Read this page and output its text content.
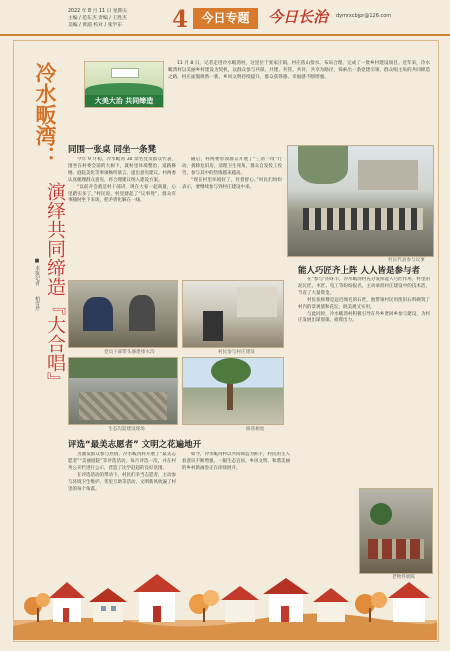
2022 年 8 月 11 日 星期五
主编 / 范东杰 责编 / 王胜杰
美编 / 黄浦 校对 / 张学东	4	今日专题	今日长治 dymrxcbjpr@126.com
大美大治 共同缔造
11 月 8 日，记者走进冷水畈湾村，这里位于张家庄镇，村庄依山傍水、布局合理，完成了一批乡村建设项目。近年来，冷水畈湾村以美丽乡村建设为契机，以群众参与共谋、共建、共管、共评、共享为路径，探索出一条党建引领、群众唱主角的共同缔造之路，村庄面貌焕然一新，乡风文明持续提升，群众获得感、幸福感不断增强。
冷水畈湾：
演绎共同缔造『大合唱』
■ 本报记者
柏雪芹
同围一张桌 同坐一条凳
今年 9 月初，冷水畈湾 30 余名党员群众代表，围坐在村委会前的大树下，就村里环境整治、道路修缮、庭院美化等事项畅所欲言，提出意见建议。村两委认真梳理群众意见，将合理建议纳入建设方案。
“以前开会就是村干部讲，现在大家一起商量，心里踏实多了。”村民说。村里建起了“议事凳”，群众有事随时坐下来谈，把矛盾化解在一线。
随后，村两委带领群众开展了“三清一改”行动，拆除危旧房，清理卫生死角，群众自发投工投劳，参与其中的热情越来越高。
“现在村里环境好了，住着舒心。”村民们纷纷表示，要继续参与到村庄建设中来。
村民代表参与议事
党员干部带头修建排水沟	村民参与村庄建设
生态沟渠建设现场	修葺树池
能人巧匠齐上阵 人人皆是参与者
在“参与”的环节，冷水畈湾村充分发挥能人巧匠作用，村里的泥瓦匠、木匠、电工等纷纷报名，主动承担村庄建设中的技术活，节省了大量资金。
村民张师傅是远近闻名的石匠，他带领村民用废旧石料砌筑了村内的景观墙和花坛，既美观又实用。
与此同时，冷水畈湾村积极引导在外乡贤回乡参与建设，为村庄发展出谋划策、捐资出力。
老物件展陈
评选“最美志愿者” 文明之花遍地开
为激发群众参与热情，冷水畈湾村开展了“最美志愿者”“美丽庭院”等评选活动，每月评选一次，并在村务公开栏进行公示，营造了比学赶超的良好氛围。
在评选活动的带动下，村民们争当志愿者，主动参与环境卫生维护、邻里互助等活动，文明新风吹遍了村里的每个角落。
如今，冷水畈湾村以共同缔造为抓手，村民的主人翁意识不断增强，一幅生态宜居、乡风文明、和谐美丽的乡村新画卷正在徐徐展开。
